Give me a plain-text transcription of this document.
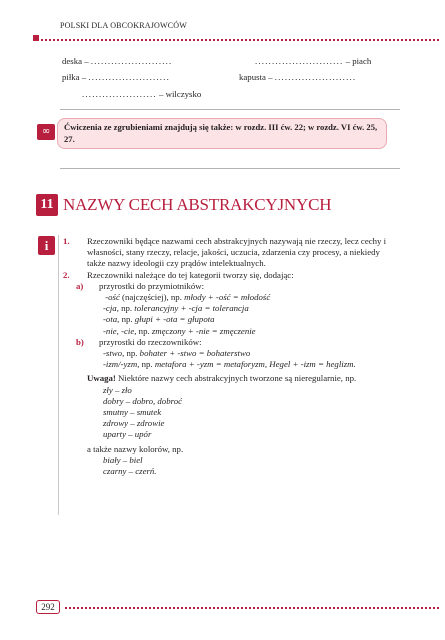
POLSKI DLA OBCOKRAJOWCÓW
deska – ........................	.......................... – piach
piłka – ........................	kapusta – ........................
...................... – wilczysko
∞	Ćwiczenia ze zgrubieniami znajdują się także: w rozdz. III ćw. 22; w rozdz. VI ćw. 25, 27.
11 NAZWY CECH ABSTRAKCYJNYCH
i	1.	Rzeczowniki będące nazwami cech abstrakcyjnych nazywają nie rzeczy, lecz cechy i własności, stany rzeczy, relacje, jakości, uczucia, zdarzenia czy procesy, a niekiedy także nazwy ideologii czy prądów intelektualnych.
2.	Rzeczowniki należące do tej kategorii tworzy się, dodając:
a) przyrostki do przymiotników:
-ość (najczęściej), np. młody + -ość = młodość
-cja, np. tolerancyjny + -cja = tolerancja
-ota, np. głupi + -ota = głupota
-nie, -cie, np. zmęczony + -nie = zmęczenie
b) przyrostki do rzeczowników:
-stwo, np. bohater + -stwo = bohaterstwo
-izm/-yzm, np. metafora + -yzm = metaforyzm, Hegel + -izm = heglizm.
Uwaga! Niektóre nazwy cech abstrakcyjnych tworzone są nieregularnie, np.
zły – zło
dobry – dobro, dobroć
smutny – smutek
zdrowy – zdrowie
uparty – upór
a także nazwy kolorów, np.
biały – biel
czarny – czerń.
292
